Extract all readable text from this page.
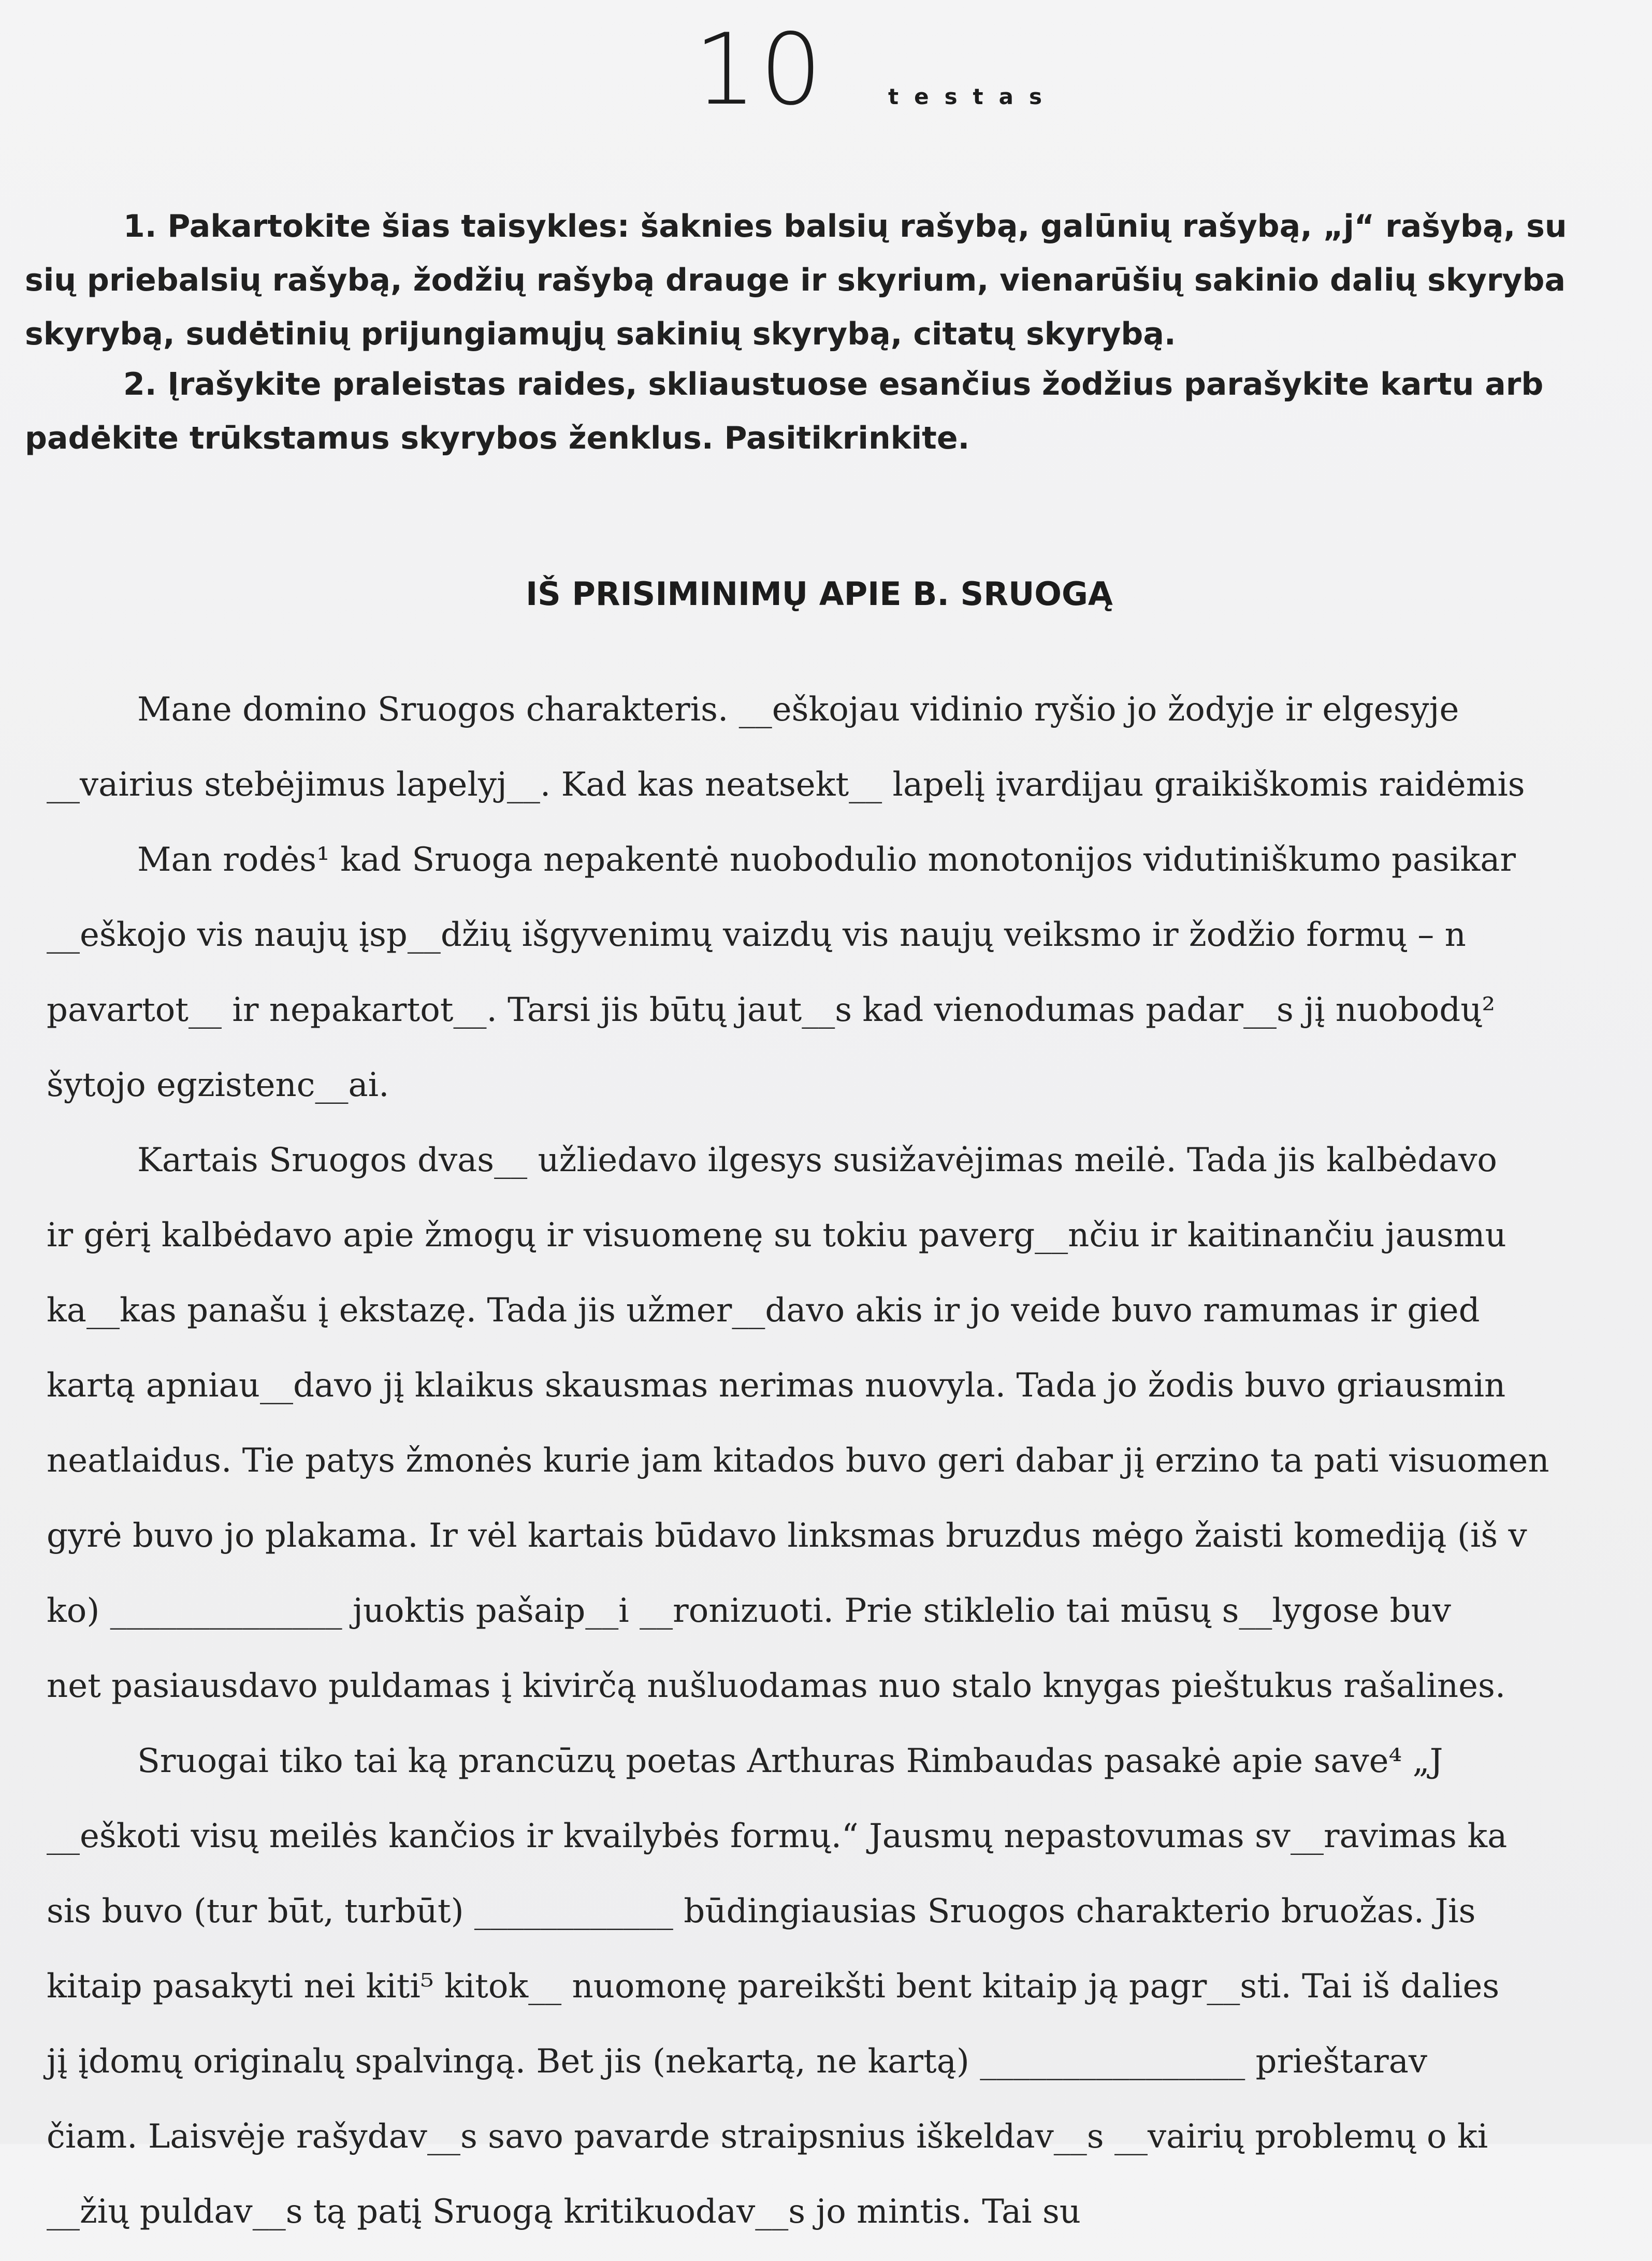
10	testas
1. Pakartokite šias taisykles: šaknies balsių rašybą, galūnių rašybą, „j“ rašybą, su
sių priebalsių rašybą, žodžių rašybą drauge ir skyrium, vienarūšių sakinio dalių skyryba
skyrybą, sudėtinių prijungiamųjų sakinių skyrybą, citatų skyrybą.
2. Įrašykite praleistas raides, skliaustuose esančius žodžius parašykite kartu arb
padėkite trūkstamus skyrybos ženklus. Pasitikrinkite.
IŠ PRISIMINIMŲ APIE B. SRUOGĄ
Mane domino Sruogos charakteris. __eškojau vidinio ryšio jo žodyje ir elgesyje
__vairius stebėjimus lapelyj__. Kad kas neatsekt__ lapelį įvardijau graikiškomis raidėmis
Man rodės¹ kad Sruoga nepakentė nuobodulio monotonijos vidutiniškumo pasikar
__eškojo vis naujų įsp__džių išgyvenimų vaizdų vis naujų veiksmo ir žodžio formų – n
pavartot__ ir nepakartot__. Tarsi jis būtų jaut__s kad vienodumas padar__s jį nuobodų²
šytojo egzistenc__ai.
Kartais Sruogos dvas__ užliedavo ilgesys susižavėjimas meilė. Tada jis kalbėdavo
ir gėrį kalbėdavo apie žmogų ir visuomenę su tokiu paverg__nčiu ir kaitinančiu jausmu
ka__kas panašu į ekstazę. Tada jis užmer__davo akis ir jo veide buvo ramumas ir gied
kartą apniau__davo jį klaikus skausmas nerimas nuovyla. Tada jo žodis buvo griausmin
neatlaidus. Tie patys žmonės kurie jam kitados buvo geri dabar jį erzino ta pati visuomen
gyrė buvo jo plakama. Ir vėl kartais būdavo linksmas bruzdus mėgo žaisti komediją (iš v
ko) ______________ juoktis pašaip__i __ronizuoti. Prie stiklelio tai mūsų s__lygose buv
net pasiausdavo puldamas į kivirčą nušluodamas nuo stalo knygas pieštukus rašalines.
Sruogai tiko tai ką prancūzų poetas Arthuras Rimbaudas pasakė apie save⁴ „J
__eškoti visų meilės kančios ir kvailybės formų.“ Jausmų nepastovumas sv__ravimas ka
sis buvo (tur būt, turbūt) ____________ būdingiausias Sruogos charakterio bruožas. Jis
kitaip pasakyti nei kiti⁵ kitok__ nuomonę pareikšti bent kitaip ją pagr__sti. Tai iš dalies
jį įdomų originalų spalvingą. Bet jis (nekartą, ne kartą) ________________ prieštarav
čiam. Laisvėje rašydav__s savo pavarde straipsnius iškeldav__s __vairių problemų o ki
__žių puldav__s tą patį Sruogą kritikuodav__s jo mintis. Tai su
